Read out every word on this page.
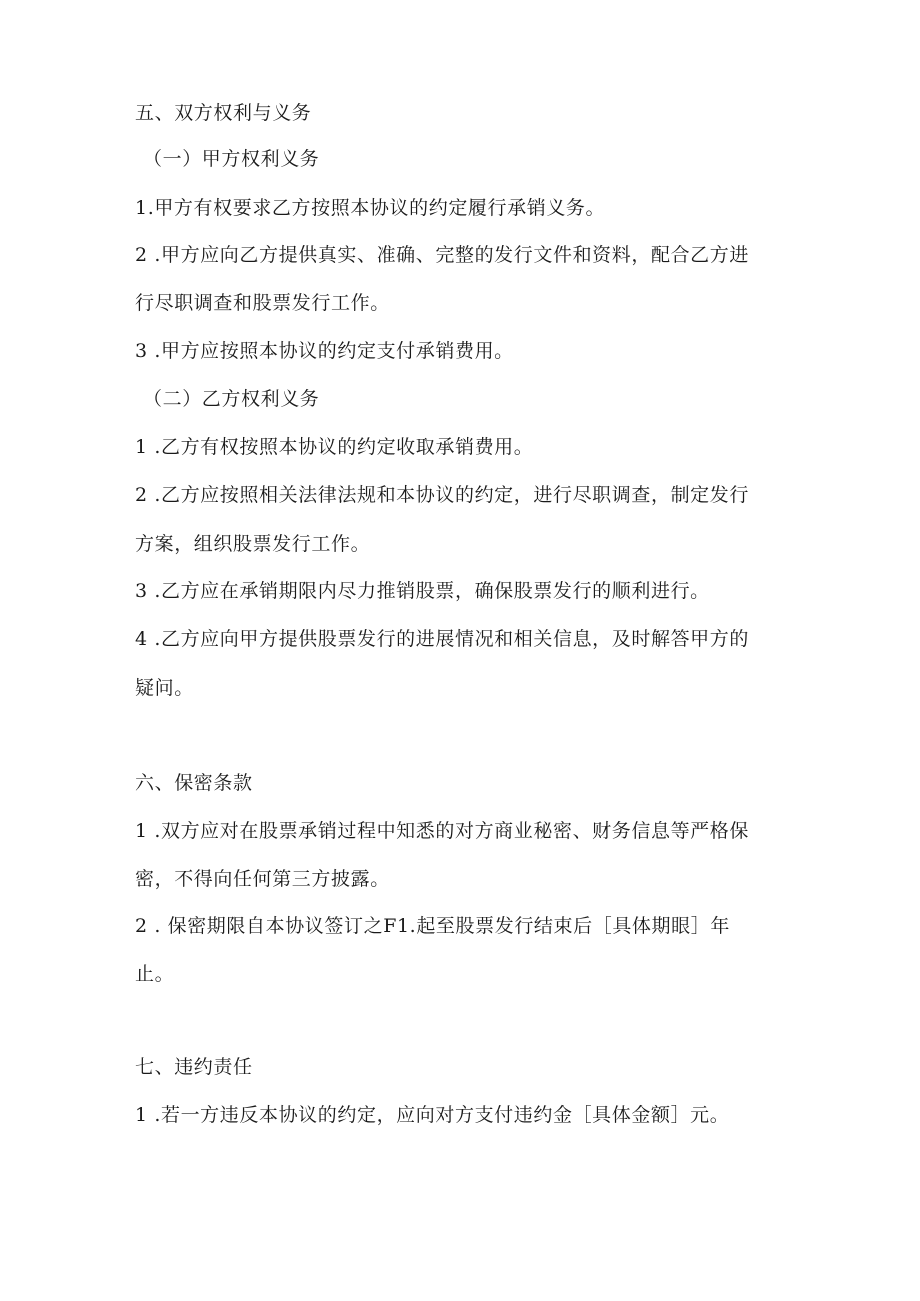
五、双方权利与义务
（一）甲方权利义务
1.甲方有权要求乙方按照本协议的约定履行承销义务。
2 .甲方应向乙方提供真实、准确、完整的发行文件和资料，配合乙方进
行尽职调查和股票发行工作。
3 .甲方应按照本协议的约定支付承销费用。
（二）乙方权利义务
1 .乙方有权按照本协议的约定收取承销费用。
2 .乙方应按照相关法律法规和本协议的约定，进行尽职调查，制定发行
方案，组织股票发行工作。
3 .乙方应在承销期限内尽力推销股票，确保股票发行的顺利进行。
4 .乙方应向甲方提供股票发行的进展情况和相关信息，及时解答甲方的
疑问。
六、保密条款
1 .双方应对在股票承销过程中知悉的对方商业秘密、财务信息等严格保
密，不得向任何第三方披露。
2 . 保密期限自本协议签订之F1.起至股票发行结束后［具体期眼］年
止。
七、违约责任
1 .若一方违反本协议的约定，应向对方支付违约金［具体金额］元。
